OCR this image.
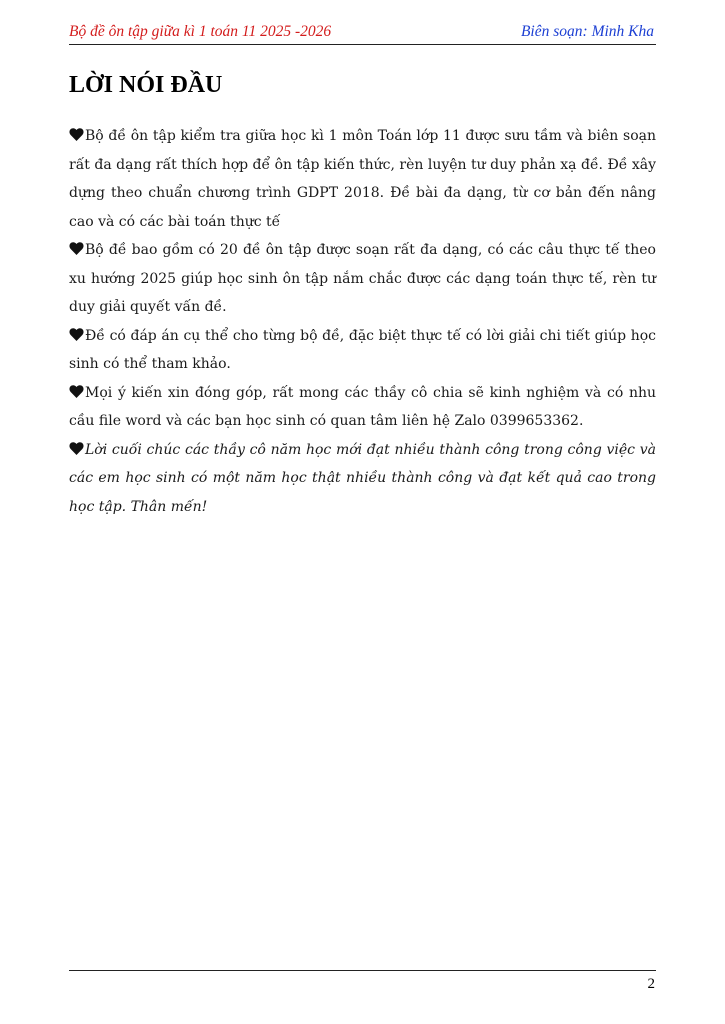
Bộ đề ôn tập giữa kì 1 toán 11 2025 -2026	Biên soạn: Minh Kha
LỜI NÓI ĐẦU

Bộ đề ôn tập kiểm tra giữa học kì 1 môn Toán lớp 11 được sưu tầm và biên soạn rất đa dạng rất thích hợp để ôn tập kiến thức, rèn luyện tư duy phản xạ đề. Đề xây dựng theo chuẩn chương trình GDPT 2018. Đề bài đa dạng, từ cơ bản đến nâng cao và có các bài toán thực tế

Bộ đề bao gồm có 20 đề ôn tập được soạn rất đa dạng, có các câu thực tế theo xu hướng 2025 giúp học sinh ôn tập nắm chắc được các dạng toán thực tế, rèn tư duy giải quyết vấn đề.

Đề có đáp án cụ thể cho từng bộ đề, đặc biệt thực tế có lời giải chi tiết giúp học sinh có thể tham khảo.

Mọi ý kiến xin đóng góp, rất mong các thầy cô chia sẽ kinh nghiệm và có nhu cầu file word và các bạn học sinh có quan tâm liên hệ Zalo 0399653362.

Lời cuối chúc các thầy cô năm học mới đạt nhiều thành công trong công việc và các em học sinh có một năm học thật nhiều thành công và đạt kết quả cao trong học tập. Thân mến!

2
